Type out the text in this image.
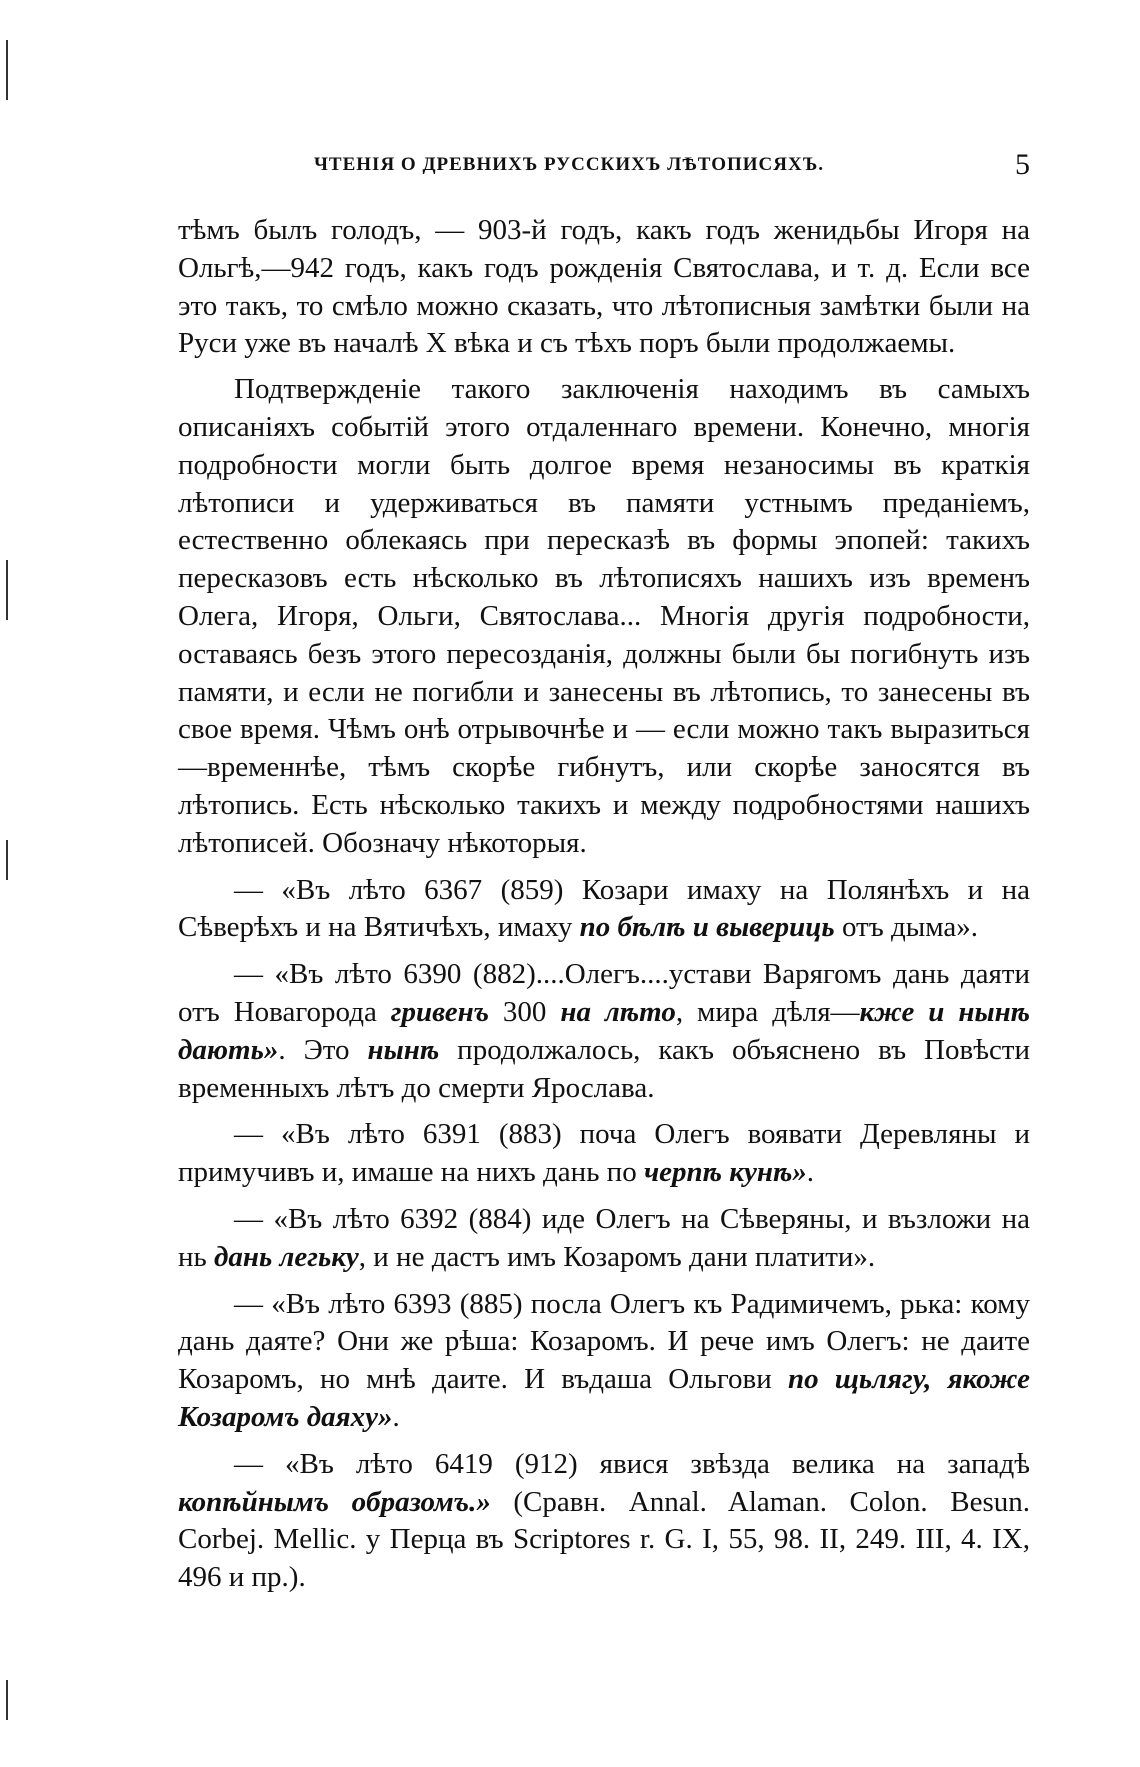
ЧТЕНІЯ О ДРЕВНИХЪ РУССКИХЪ ЛѢТОПИСЯХЪ.	5

тѣмъ былъ голодъ, — 903-й годъ, какъ годъ женидьбы Игоря на Ольгѣ,—942 годъ, какъ годъ рожденія Святослава, и т. д. Если все это такъ, то смѣло можно сказать, что лѣтописныя замѣтки были на Руси уже въ началѣ X вѣка и съ тѣхъ поръ были продолжаемы.

Подтвержденіе такого заключенія находимъ въ самыхъ описаніяхъ событій этого отдаленнаго времени. Конечно, многія подробности могли быть долгое время незаносимы въ краткія лѣтописи и удерживаться въ памяти устнымъ преданіемъ, естественно облекаясь при пересказѣ въ формы эпопей: такихъ пересказовъ есть нѣсколько въ лѣтописяхъ нашихъ изъ временъ Олега, Игоря, Ольги, Святослава... Многія другія подробности, оставаясь безъ этого пересозданія, должны были бы погибнуть изъ памяти, и если не погибли и занесены въ лѣтопись, то занесены въ свое время. Чѣмъ онѣ отрывочнѣе и — если можно такъ выразиться—временнѣе, тѣмъ скорѣе гибнутъ, или скорѣе заносятся въ лѣтопись. Есть нѣсколько такихъ и между подробностями нашихъ лѣтописей. Обозначу нѣкоторыя.

— «Въ лѣто 6367 (859) Козари имаху на Полянѣхъ и на Сѣверѣхъ и на Вятичѣхъ, имаху по бѣлѣ и вывериць отъ дыма».

— «Въ лѣто 6390 (882)....Олегъ....устави Варягомъ дань даяти отъ Новагорода гривенъ 300 на лѣто, мира дѣля—кже и нынѣ дають». Это нынѣ продолжалось, какъ объяснено въ Повѣсти временныхъ лѣтъ до смерти Ярослава.

— «Въ лѣто 6391 (883) поча Олегъ воявати Деревляны и примучивъ и, имаше на нихъ дань по черпѣ кунѣ».

— «Въ лѣто 6392 (884) иде Олегъ на Сѣверяны, и възложи на нь дань легьку, и не дастъ имъ Козаромъ дани платити».

— «Въ лѣто 6393 (885) посла Олегъ къ Радимичемъ, рька: кому дань даяте? Они же рѣша: Козаромъ. И рече имъ Олегъ: не даите Козаромъ, но мнѣ даите. И въдаша Ольгови по щьлягу, якоже Козаромъ даяху».

— «Въ лѣто 6419 (912) явися звѣзда велика на западѣ копѣйнымъ образомъ.» (Сравн. Annal. Alaman. Colon. Besun. Corbej. Mellic. у Перца въ Scriptores r. G. I, 55, 98. II, 249. III, 4. IX, 496 и пр.).
